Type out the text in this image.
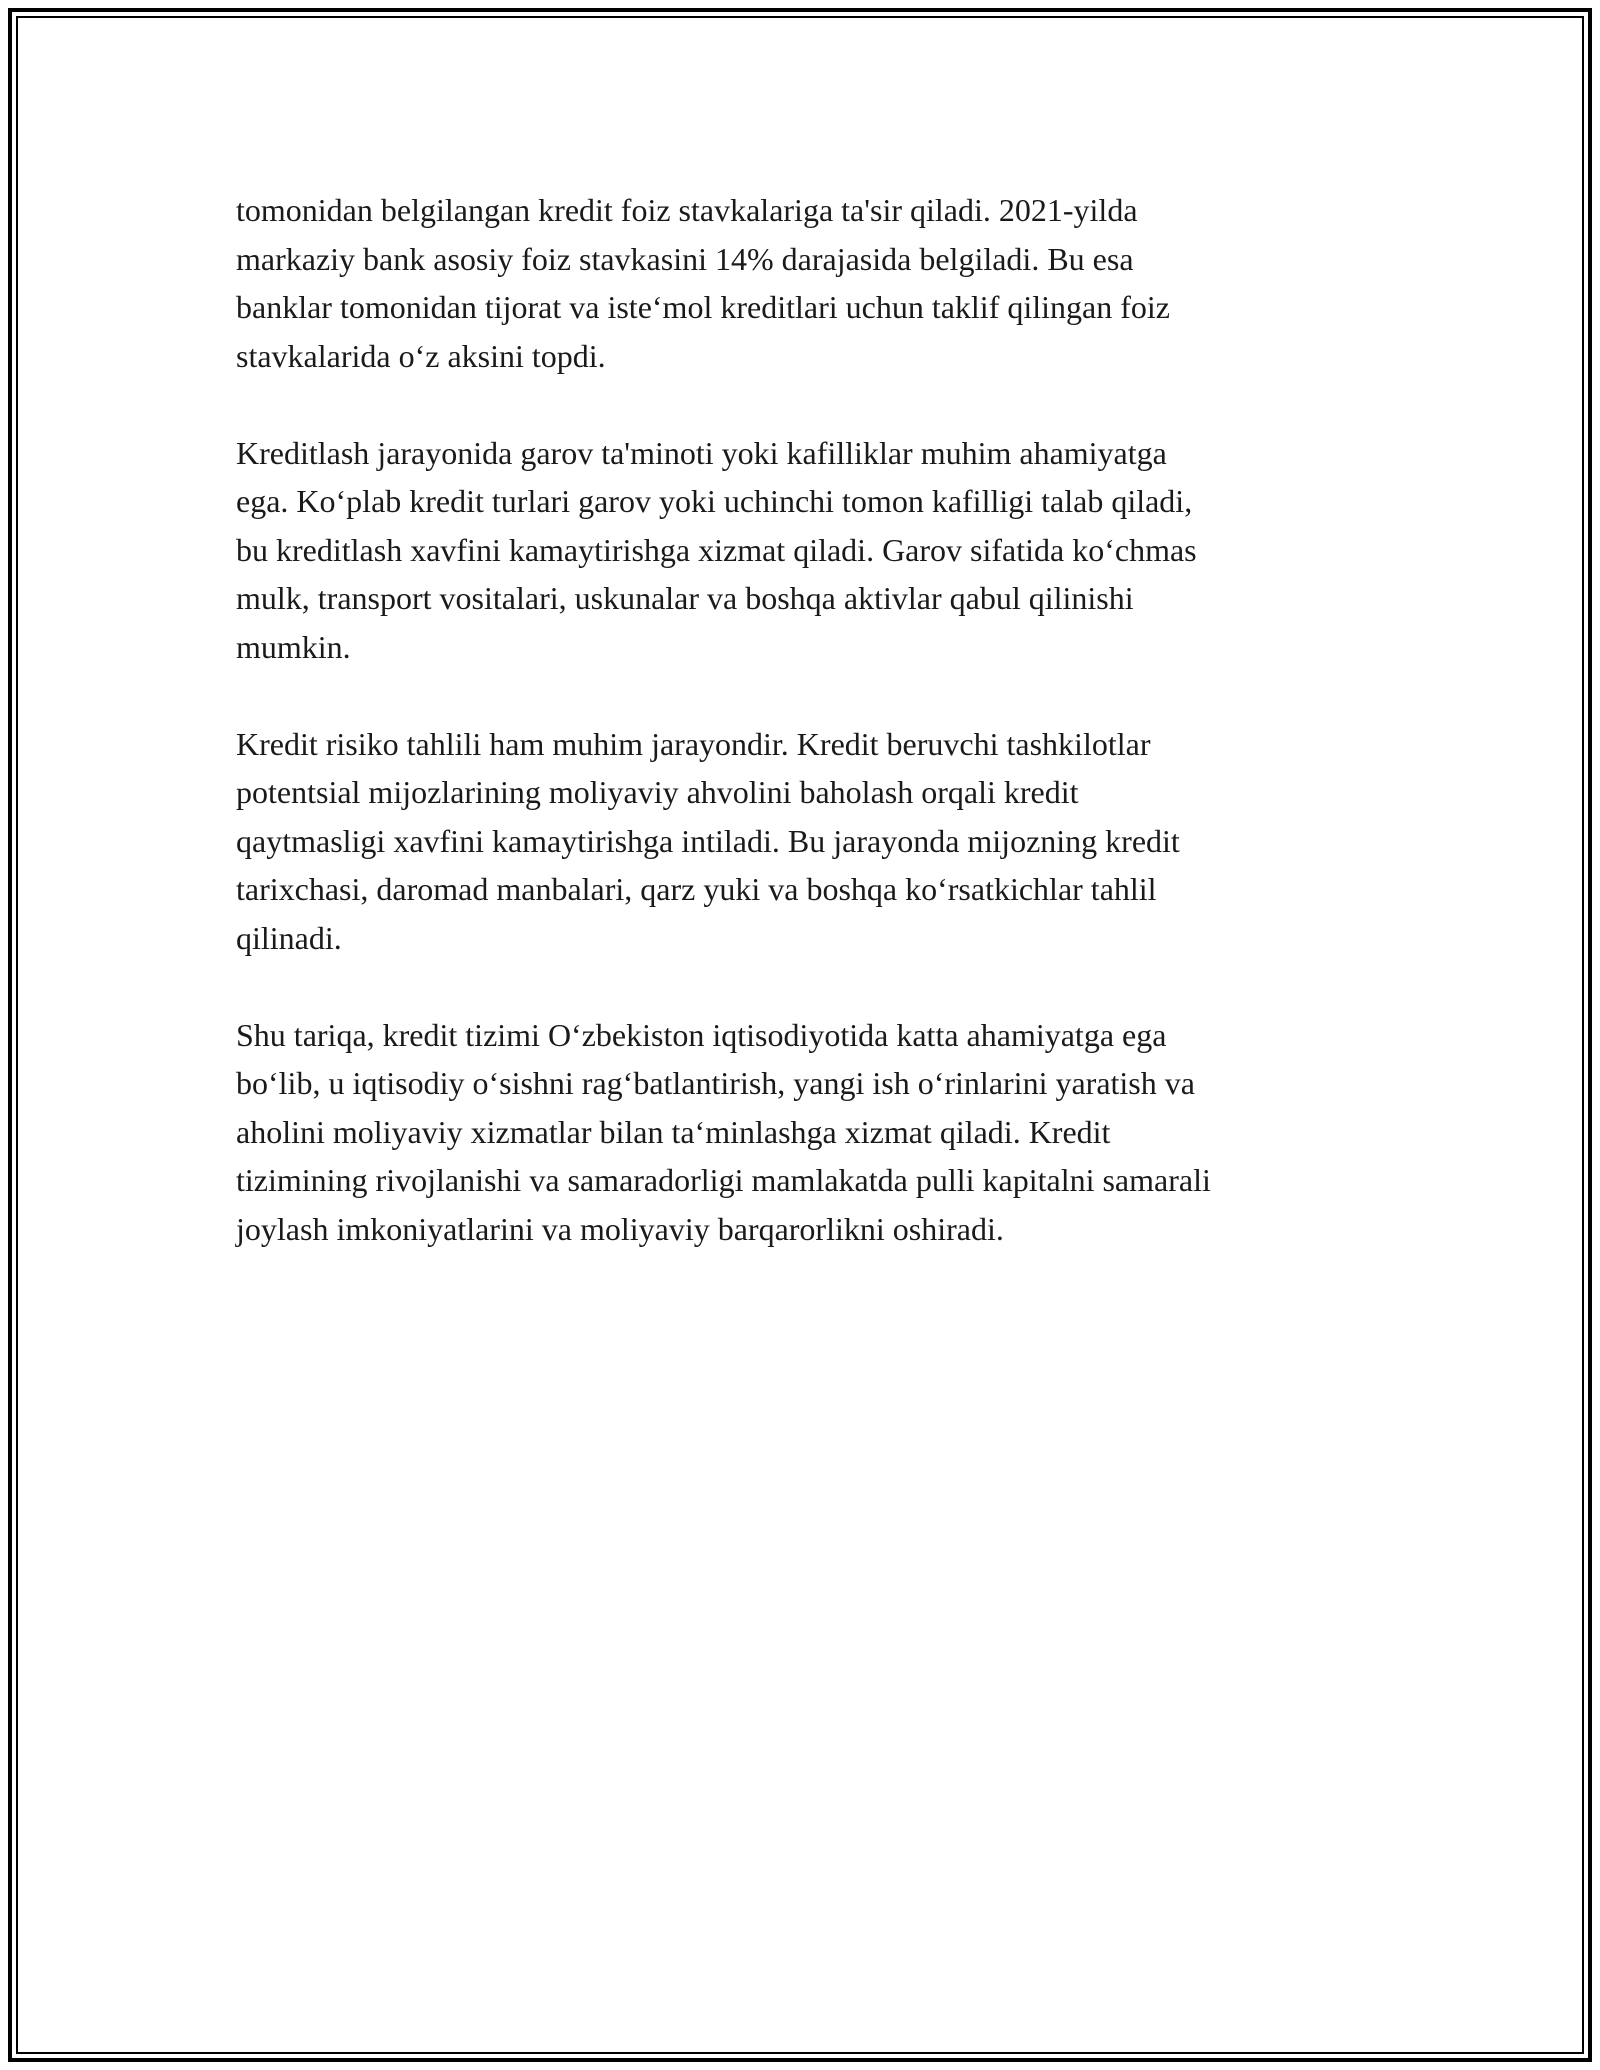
tomonidan belgilangan kredit foiz stavkalariga ta'sir qiladi. 2021-yilda
markaziy bank asosiy foiz stavkasini 14% darajasida belgiladi. Bu esa
banklar tomonidan tijorat va iste‘mol kreditlari uchun taklif qilingan foiz
stavkalarida o‘z aksini topdi.

Kreditlash jarayonida garov ta'minoti yoki kafilliklar muhim ahamiyatga
ega. Ko‘plab kredit turlari garov yoki uchinchi tomon kafilligi talab qiladi,
bu kreditlash xavfini kamaytirishga xizmat qiladi. Garov sifatida ko‘chmas
mulk, transport vositalari, uskunalar va boshqa aktivlar qabul qilinishi
mumkin.

Kredit risiko tahlili ham muhim jarayondir. Kredit beruvchi tashkilotlar
potentsial mijozlarining moliyaviy ahvolini baholash orqali kredit
qaytmasligi xavfini kamaytirishga intiladi. Bu jarayonda mijozning kredit
tarixchasi, daromad manbalari, qarz yuki va boshqa ko‘rsatkichlar tahlil
qilinadi.

Shu tariqa, kredit tizimi O‘zbekiston iqtisodiyotida katta ahamiyatga ega
bo‘lib, u iqtisodiy o‘sishni rag‘batlantirish, yangi ish o‘rinlarini yaratish va
aholini moliyaviy xizmatlar bilan ta‘minlashga xizmat qiladi. Kredit
tizimining rivojlanishi va samaradorligi mamlakatda pulli kapitalni samarali
joylash imkoniyatlarini va moliyaviy barqarorlikni oshiradi.
